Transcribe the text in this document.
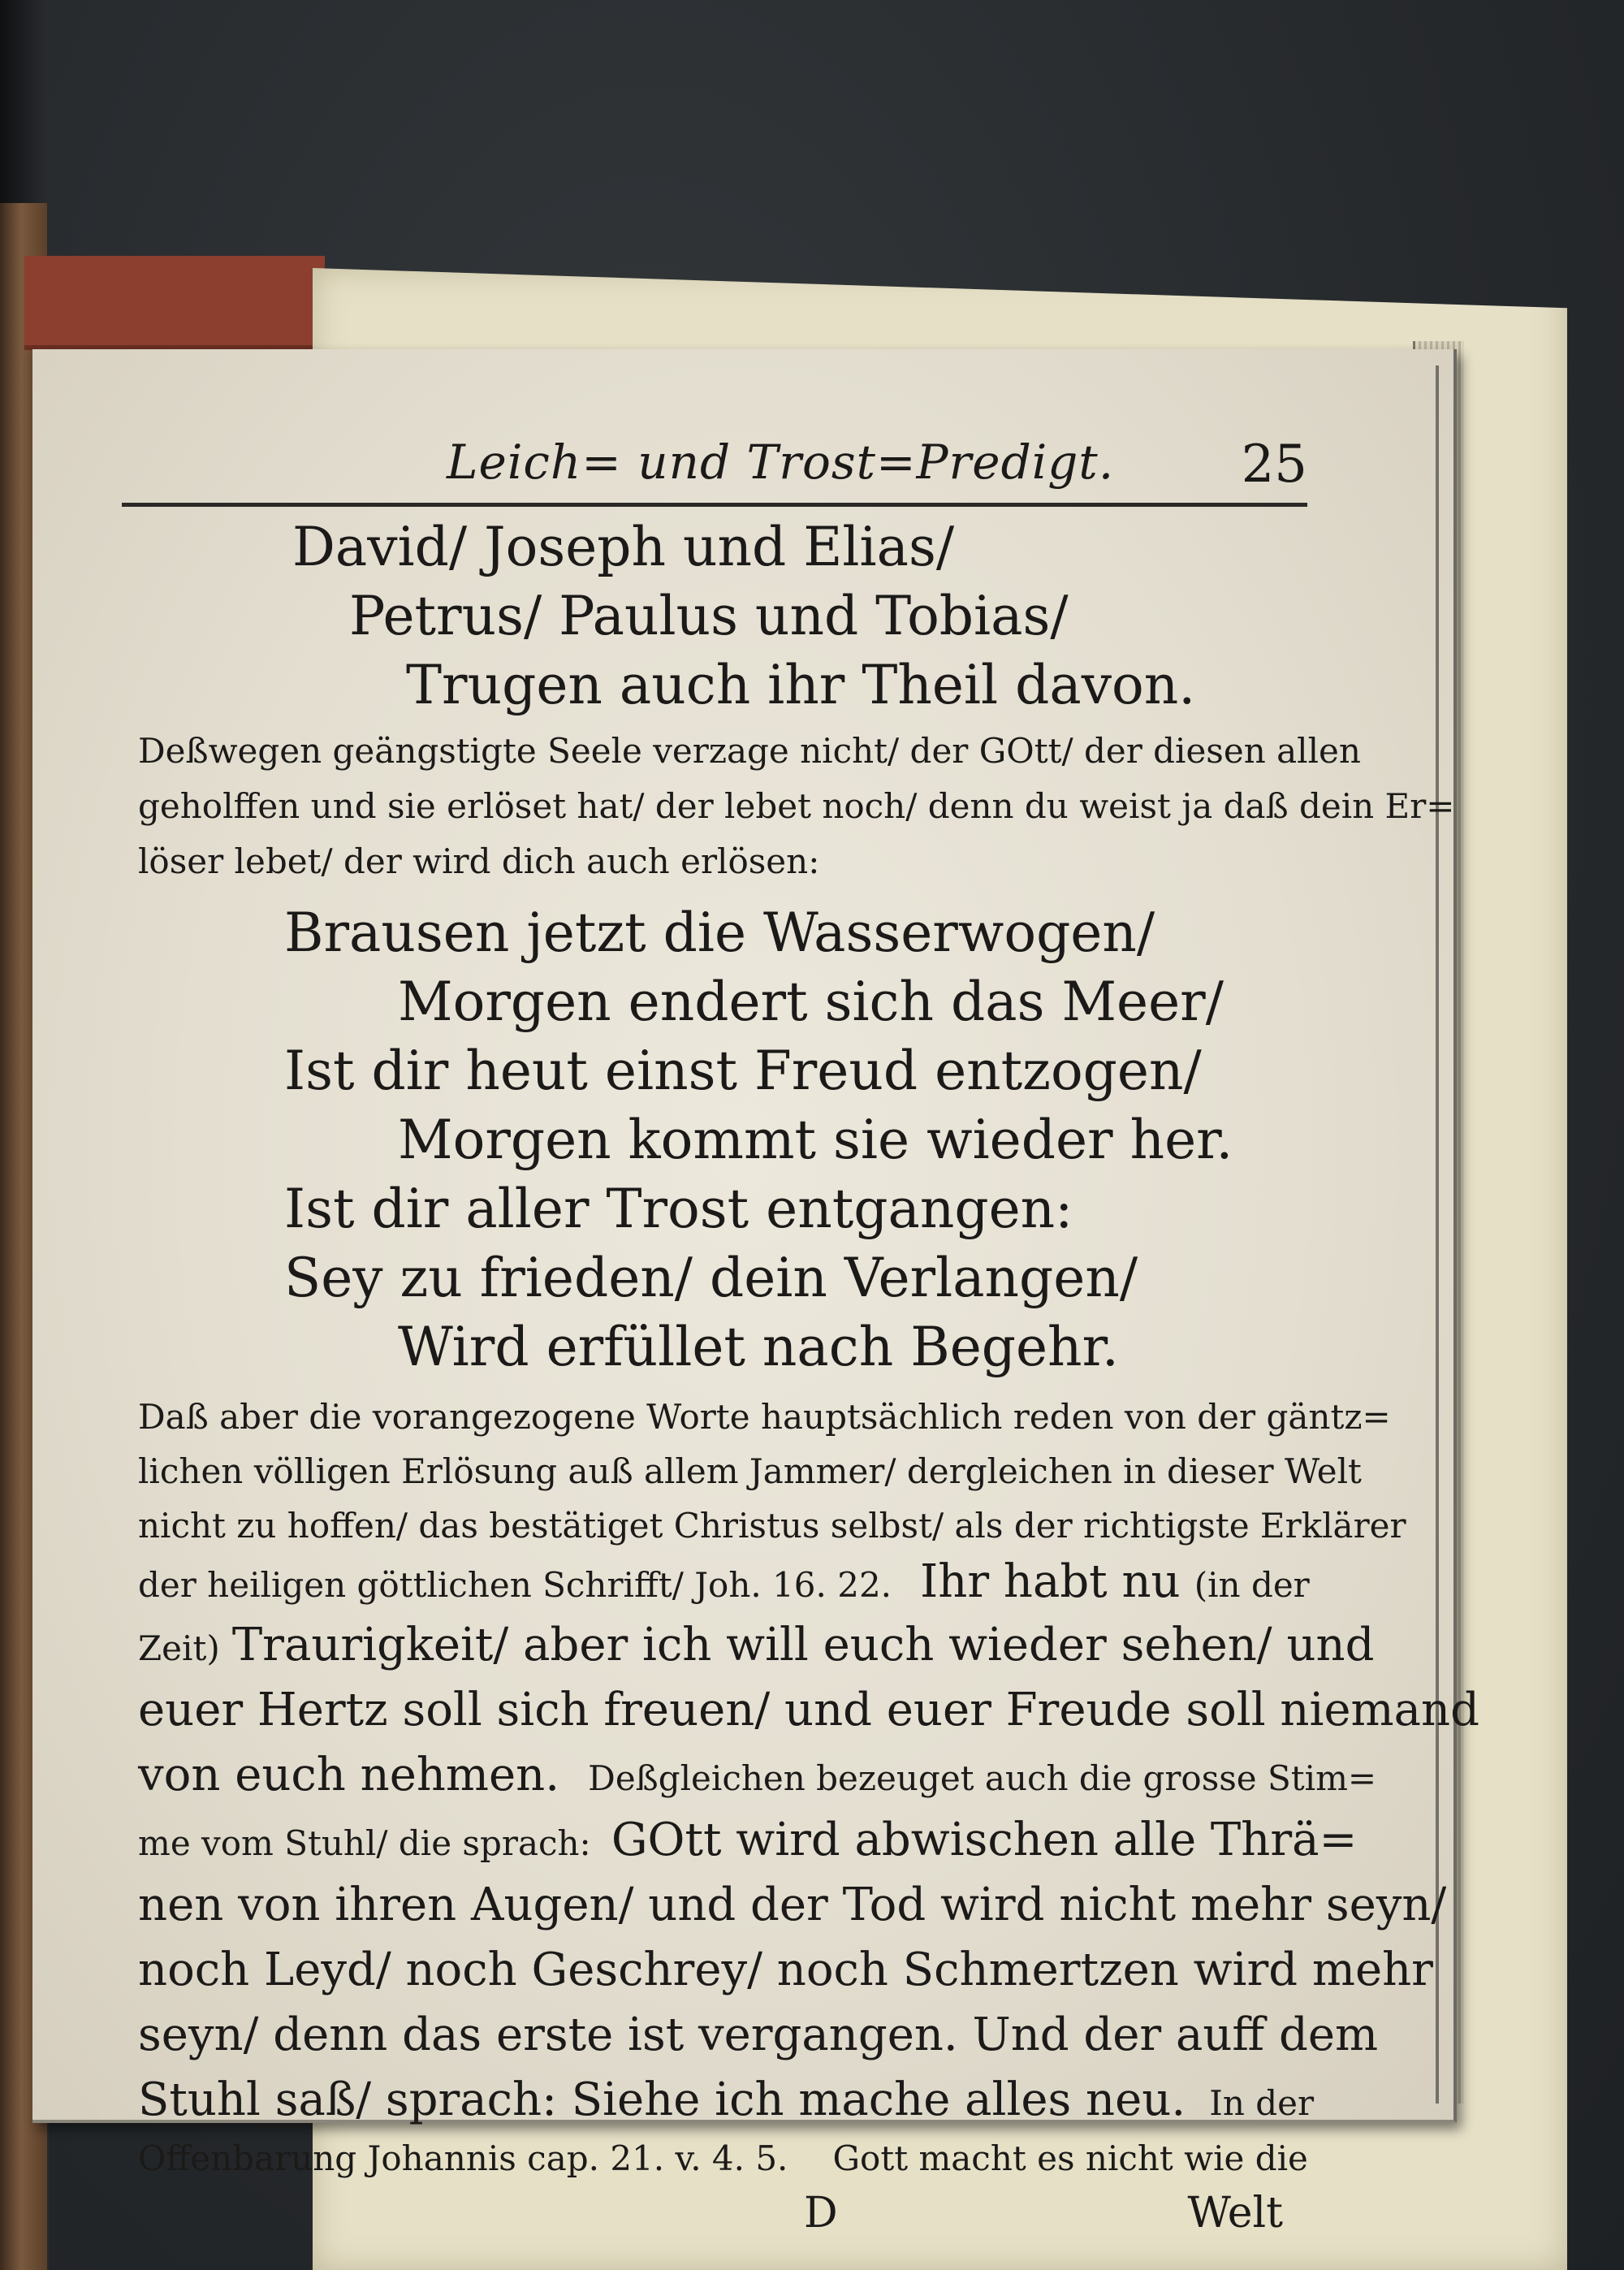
Leich= und Trost=Predigt. 25
David/ Joseph und Elias/
Petrus/ Paulus und Tobias/
Trugen auch ihr Theil davon.
Deßwegen geängstigte Seele verzage nicht/ der GOtt/ der diesen allen
geholffen und sie erlöset hat/ der lebet noch/ denn du weist ja daß dein Er=
löser lebet/ der wird dich auch erlösen:
Brausen jetzt die Wasserwogen/
Morgen endert sich das Meer/
Ist dir heut einst Freud entzogen/
Morgen kommt sie wieder her.
Ist dir aller Trost entgangen:
Sey zu frieden/ dein Verlangen/
Wird erfüllet nach Begehr.
Daß aber die vorangezogene Worte hauptsächlich reden von der gäntz=
lichen völligen Erlösung auß allem Jammer/ dergleichen in dieser Welt
nicht zu hoffen/ das bestätiget Christus selbst/ als der richtigste Erklärer
der heiligen göttlichen Schrifft/ Joh. 16. 22. Ihr habt nu (in der
Zeit) Traurigkeit/ aber ich will euch wieder sehen/ und
euer Hertz soll sich freuen/ und euer Freude soll niemand
von euch nehmen. Deßgleichen bezeuget auch die grosse Stim=
me vom Stuhl/ die sprach: GOtt wird abwischen alle Thrä=
nen von ihren Augen/ und der Tod wird nicht mehr seyn/
noch Leyd/ noch Geschrey/ noch Schmertzen wird mehr
seyn/ denn das erste ist vergangen. Und der auff dem
Stuhl saß/ sprach: Siehe ich mache alles neu. In der
Offenbarung Johannis cap. 21. v. 4. 5. Gott macht es nicht wie die
D	Welt
